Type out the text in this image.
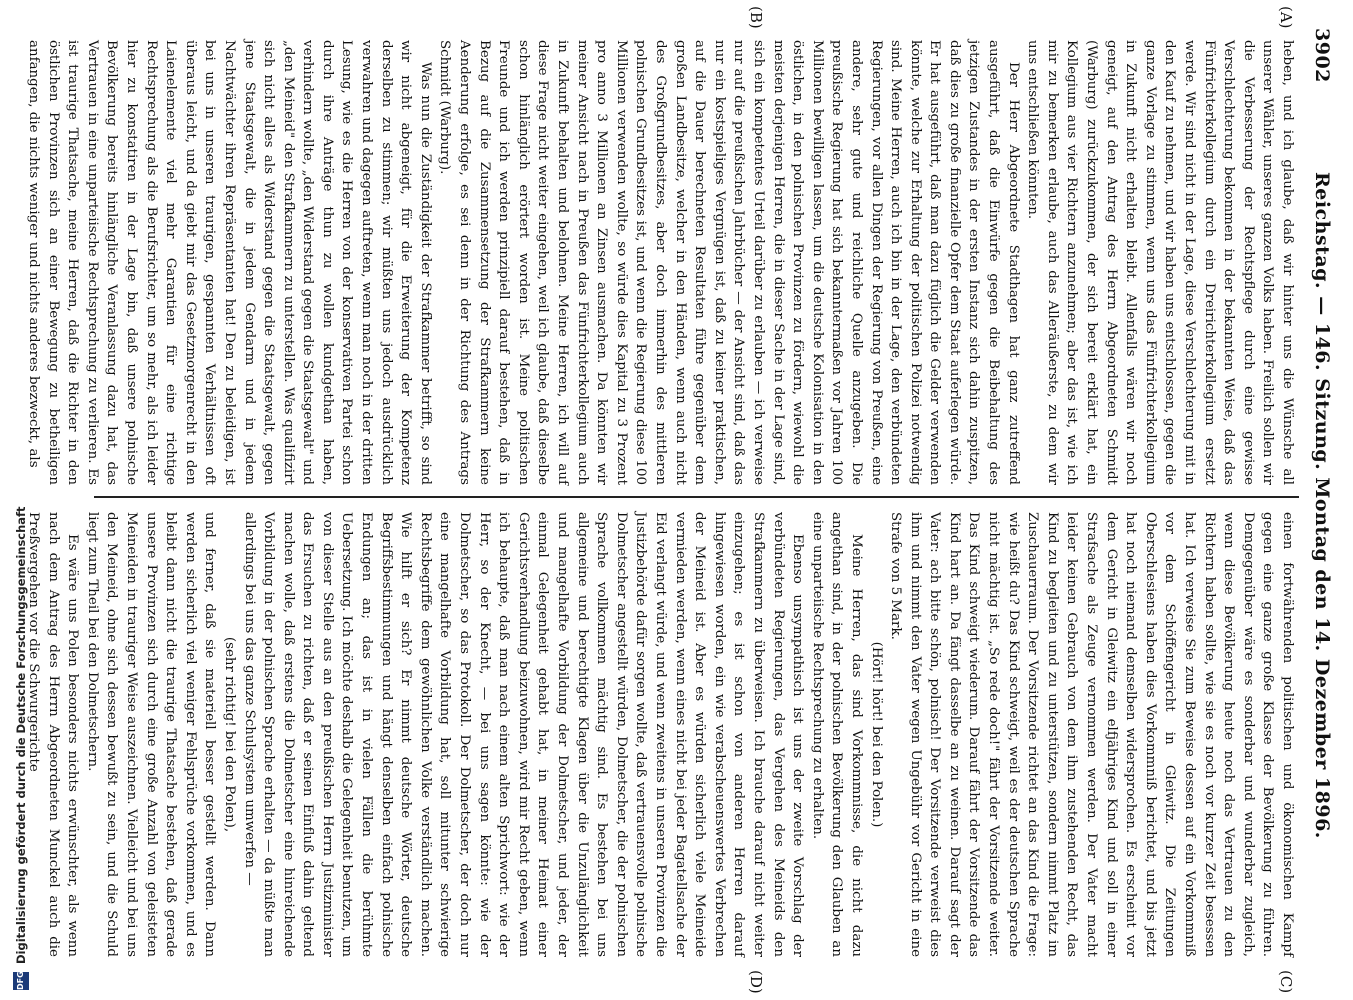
3902
Reichstag. — 146. Sitzung. Montag den 14. Dezember 1896.
(A)
(B)
(C)
(D)

heben, und ich glaube, daß wir hinter uns die Wünsche all unserer Wähler, unseres ganzen Volks haben. Freilich sollen wir die Verbesserung der Rechtspflege durch eine gewisse Verschlechterung bekommen in der bekannten Weise, daß das Fünfrichterkollegium durch ein Dreirichterkollegium ersetzt werde. Wir sind nicht in der Lage, diese Verschlechterung mit in den Kauf zu nehmen, und wir haben uns entschlossen, gegen die ganze Vorlage zu stimmen, wenn uns das Fünfrichterkollegium in Zukunft nicht erhalten bleibt. Allenfalls wären wir noch geneigt, auf den Antrag des Herrn Abgeordneten Schmidt (Warburg) zurückzukommen, der sich bereit erklärt hat, ein Kollegium aus vier Richtern anzunehmen; aber das ist, wie ich mir zu bemerken erlaube, auch das Alleräußerste, zu dem wir uns entschließen könnten.

Der Herr Abgeordnete Stadthagen hat ganz zutreffend ausgeführt, daß die Einwürfe gegen die Beibehaltung des jetzigen Zustandes in der ersten Instanz sich dahin zuspitzen, daß dies zu große finanzielle Opfer dem Staat auferlegen würde. Er hat ausgeführt, daß man dazu füglich die Gelder verwenden könnte, welche zur Erhaltung der politischen Polizei notwendig sind. Meine Herren, auch ich bin in der Lage, den verbündeten Regierungen, vor allen Dingen der Regierung von Preußen, eine andere, sehr gute und reichliche Quelle anzugeben. Die preußische Regierung hat sich bekanntermaßen vor Jahren 100 Millionen bewilligen lassen, um die deutsche Kolonisation in den östlichen, in den polnischen Provinzen zu fördern, wiewohl die meisten derjenigen Herren, die in dieser Sache in der Lage sind, sich ein kompetentes Urteil darüber zu erlauben — ich verweise nur auf die preußischen Jahrbücher — der Ansicht sind, daß das nur ein kostspieliges Vergnügen ist, daß zu keiner praktischen, auf die Dauer berechneten Resultaten führe gegenüber dem großen Landbesitze, welcher in den Händen, wenn auch nicht des Großgrundbesitzes, aber doch immerhin des mittleren polnischen Grundbesitzes ist, und wenn die Regierung diese 100 Millionen verwenden wollte, so würde dies Kapital zu 3 Prozent pro anno 3 Millionen an Zinsen ausmachen. Da könnten wir meiner Ansicht nach in Preußen das Fünfrichterkollegium auch in Zukunft behalten und belohnen. Meine Herren, ich will auf diese Frage nicht weiter eingehen, weil ich glaube, daß dieselbe schon hinlänglich erörtert worden ist. Meine politischen Freunde und ich werden prinzipiell darauf bestehen, daß in Bezug auf die Zusammensetzung der Strafkammern keine Aenderung erfolge, es sei denn in der Richtung des Antrags Schmidt (Warburg).

Was nun die Zuständigkeit der Strafkammer betrifft, so sind wir nicht abgeneigt, für die Erweiterung der Kompetenz derselben zu stimmen; wir müßten uns jedoch ausdrücklich verwahren und dagegen auftreten, wenn man noch in der dritten Lesung, wie es die Herren von der konservativen Partei schon durch ihre Anträge thun zu wollen kundgethan haben, verhindern wollte, „den Widerstand gegen die Staatsgewalt" und „den Meineid" den Strafkammern zu unterstellen. Was qualifizirt sich nicht alles als Widerstand gegen die Staatsgewalt, gegen jene Staatsgewalt, die in jedem Gendarm und in jedem Nachtwächter ihren Repräsentanten hat! Den zu beleidigen, ist bei uns in unseren traurigen, gespannten Verhältnissen oft überaus leicht, und da giebt mir das Gesetzmorgenrecht in den Laienelemente viel mehr Garantien für eine richtige Rechtsprechung als die Berufsrichter, um so mehr, als ich leider hier zu konstatiren in der Lage bin, daß unsere polnische Bevölkerung bereits hinlängliche Veranlassung dazu hat, das Vertrauen in eine unparteiische Rechtsprechung zu verlieren. Es ist traurige Thatsache, meine Herren, daß die Richter in den östlichen Provinzen sich an einer Bewegung zu betheiligen anfangen, die nichts weniger und nichts anderes bezweckt, als

einen fortwährenden politischen und ökonomischen Kampf gegen eine ganze große Klasse der Bevölkerung zu führen. Demgegenüber wäre es sonderbar und wunderbar zugleich, wenn diese Bevölkerung heute noch das Vertrauen zu den Richtern haben sollte, wie sie es noch vor kurzer Zeit besessen hat. Ich verweise Sie zum Beweise dessen auf ein Vorkommniß vor dem Schöffengericht in Gleiwitz. Die Zeitungen Oberschlesiens haben dies Vorkommniß berichtet, und bis jetzt hat noch niemand demselben widersprochen. Es erscheint vor dem Gericht in Gleiwitz ein elfjähriges Kind und soll in einer Strafsache als Zeuge vernommen werden. Der Vater macht leider keinen Gebrauch von dem ihm zustehenden Recht, das Kind zu begleiten und zu unterstützen, sondern nimmt Platz im Zuschauerraum. Der Vorsitzende richtet an das Kind die Frage: wie heißt du? Das Kind schweigt, weil es der deutschen Sprache nicht mächtig ist. „So rede doch!" fährt der Vorsitzende weiter. Das Kind schweigt wiederum. Darauf fährt der Vorsitzende das Kind hart an. Da fängt dasselbe an zu weinen. Darauf sagt der Vater: ach bitte schön, polnisch! Der Vorsitzende verweist dies ihm und nimmt den Vater wegen Ungebühr vor Gericht in eine Strafe von 5 Mark.

(Hört! hört! bei den Polen.)

Meine Herren, das sind Vorkommnisse, die nicht dazu angethan sind, in der polnischen Bevölkerung den Glauben an eine unparteiische Rechtsprechung zu erhalten.

Ebenso unsympathisch ist uns der zweite Vorschlag der verbündeten Regierungen, das Vergehen des Meineids den Strafkammern zu überweisen. Ich brauche darauf nicht weiter einzugehen; es ist schon von anderen Herren darauf hingewiesen worden, ein wie verabscheuenswertes Verbrechen der Meineid ist. Aber es würden sicherlich viele Meineide vermieden werden, wenn eines nicht bei jeder Bagatellsache der Eid verlangt würde, und wenn zweitens in unseren Provinzen die Justizbehörde dafür sorgen wollte, daß vertrauensvolle polnische Dolmetscher angestellt würden, Dolmetscher, die der polnischen Sprache vollkommen mächtig sind. Es bestehen bei uns allgemeine und berechtigte Klagen über die Unzulänglichkeit und mangelhafte Vorbildung der Dolmetscher, und jeder, der einmal Gelegenheit gehabt hat, in meiner Heimat einer Gerichtsverhandlung beizuwohnen, wird mir Recht geben, wenn ich behaupte, daß man nach einem alten Sprichwort: wie der Herr, so der Knecht, — bei uns sagen könnte: wie der Dolmetscher, so das Protokoll. Der Dolmetscher, der doch nur eine mangelhafte Vorbildung hat, soll mitunter schwierige Rechtsbegriffe dem gewöhnlichen Volke verständlich machen. Wie hilft er sich? Er nimmt deutsche Wörter, deutsche Begriffsbestimmungen und hängt denselben einfach polnische Endungen an; das ist in vielen Fällen die berühmte Uebersetzung. Ich möchte deshalb die Gelegenheit benutzen, um von dieser Stelle aus an den preußischen Herrn Justizminister das Ersuchen zu richten, daß er seinen Einfluß dahin geltend machen wolle, daß erstens die Dolmetscher eine hinreichende Vorbildung in der polnischen Sprache erhalten — da müßte man allerdings bei uns das ganze Schulsystem umwerfen —

(sehr richtig! bei den Polen),

und ferner, daß sie materiell besser gestellt werden. Dann werden sicherlich viel weniger Fehlsprüche vorkommen, und es bleibt dann nicht die traurige Thatsache bestehen, daß gerade unsere Provinzen sich durch eine große Anzahl von geleisteten Meineiden in trauriger Weise auszeichnen. Vielleicht und bei uns den Meineid, ohne sich dessen bewußt zu sein, und die Schuld liegt zum Theil bei den Dolmetschern.

Es wäre uns Polen besonders nichts erwünschter, als wenn nach dem Antrag des Herrn Abgeordneten Munckel auch die Preßvergehen vor die Schwurgerichte

DFG
Digitalisierung gefördert durch die Deutsche Forschungsgemeinschaft
